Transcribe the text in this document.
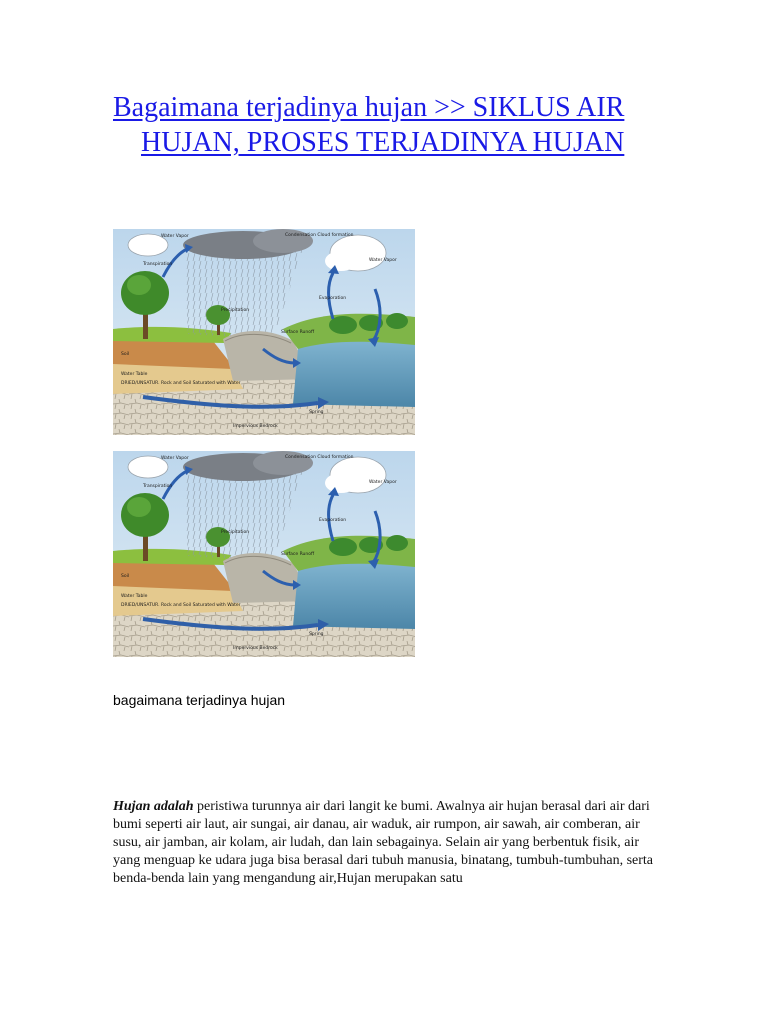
Bagaimana terjadinya hujan >> SIKLUS AIR HUJAN, PROSES TERJADINYA HUJAN
Water Vapor	Condensation Cloud formation
Water Vapor
Transpiration
Precipitation
Evaporation
Surface Runoff
Soil
Water Table
DRIED/UNSATUR. Rock and Soil Saturated with Water
Spring
Impervious Bedrock
Water Vapor	Condensation Cloud formation
Water Vapor
Transpiration
Precipitation
Evaporation
Surface Runoff
Soil
Water Table
DRIED/UNSATUR. Rock and Soil Saturated with Water
Spring
Impervious Bedrock
bagaimana terjadinya hujan

Hujan adalah peristiwa turunnya air dari langit ke bumi. Awalnya air hujan berasal dari air dari bumi seperti air laut, air sungai, air danau, air waduk, air rumpon, air sawah, air comberan, air susu, air jamban, air kolam, air ludah, dan lain sebagainya. Selain air yang berbentuk fisik, air yang menguap ke udara juga bisa berasal dari tubuh manusia, binatang, tumbuh-tumbuhan, serta benda-benda lain yang mengandung air,Hujan merupakan satu
